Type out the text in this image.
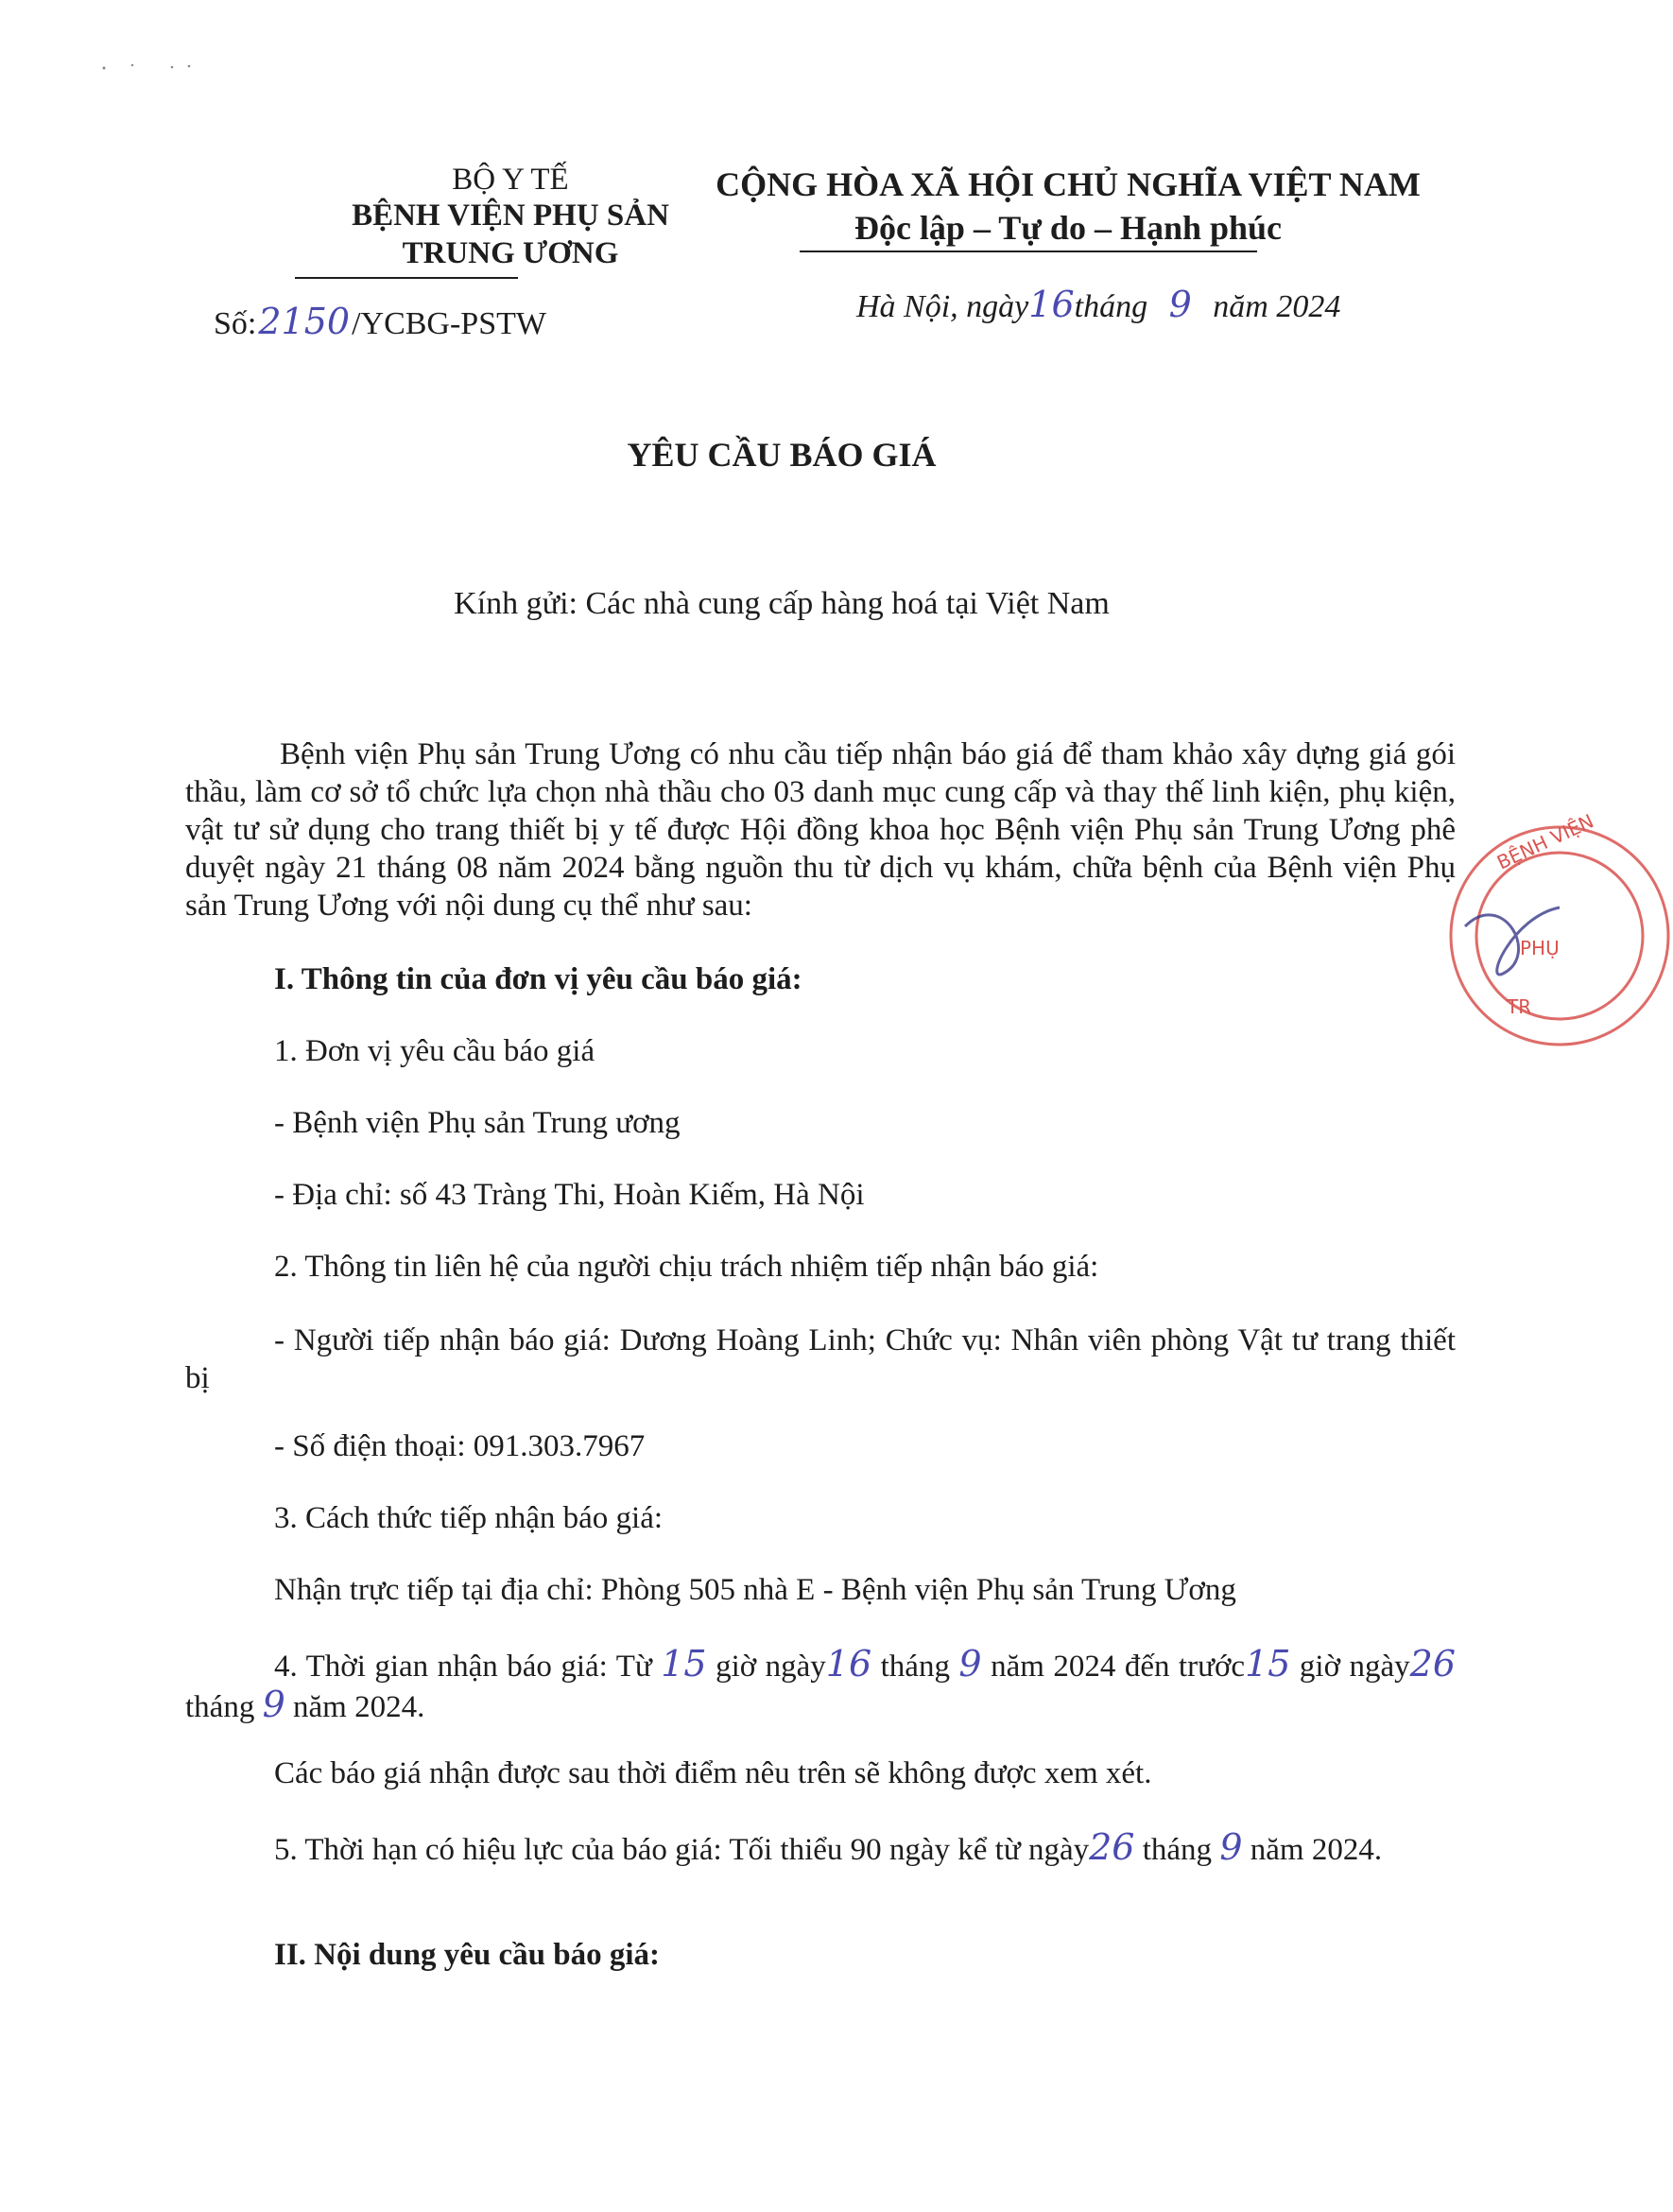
BỘ Y TẾ
BỆNH VIỆN PHỤ SẢN
TRUNG ƯƠNG
Số:2150/YCBG-PSTW
CỘNG HÒA XÃ HỘI CHỦ NGHĨA VIỆT NAM
Độc lập – Tự do – Hạnh phúc
Hà Nội, ngày16tháng 9 năm 2024
YÊU CẦU BÁO GIÁ
Kính gửi: Các nhà cung cấp hàng hoá tại Việt Nam
Bệnh viện Phụ sản Trung Ương có nhu cầu tiếp nhận báo giá để tham khảo xây dựng giá gói thầu, làm cơ sở tổ chức lựa chọn nhà thầu cho 03 danh mục cung cấp và thay thế linh kiện, phụ kiện, vật tư sử dụng cho trang thiết bị y tế được Hội đồng khoa học Bệnh viện Phụ sản Trung Ương phê duyệt ngày 21 tháng 08 năm 2024 bằng nguồn thu từ dịch vụ khám, chữa bệnh của Bệnh viện Phụ sản Trung Ương với nội dung cụ thể như sau:
I. Thông tin của đơn vị yêu cầu báo giá:
1. Đơn vị yêu cầu báo giá
- Bệnh viện Phụ sản Trung ương
- Địa chỉ: số 43 Tràng Thi, Hoàn Kiếm, Hà Nội
2. Thông tin liên hệ của người chịu trách nhiệm tiếp nhận báo giá:
- Người tiếp nhận báo giá: Dương Hoàng Linh; Chức vụ: Nhân viên phòng Vật tư trang thiết bị
- Số điện thoại: 091.303.7967
3. Cách thức tiếp nhận báo giá:
Nhận trực tiếp tại địa chỉ: Phòng 505 nhà E - Bệnh viện Phụ sản Trung Ương
4. Thời gian nhận báo giá: Từ 15 giờ ngày16 tháng 9 năm 2024 đến trước15 giờ ngày26 tháng 9 năm 2024.
Các báo giá nhận được sau thời điểm nêu trên sẽ không được xem xét.
5. Thời hạn có hiệu lực của báo giá: Tối thiểu 90 ngày kể từ ngày26 tháng 9 năm 2024.
II. Nội dung yêu cầu báo giá:
BỆNH VIỆN
PHỤ
TR
